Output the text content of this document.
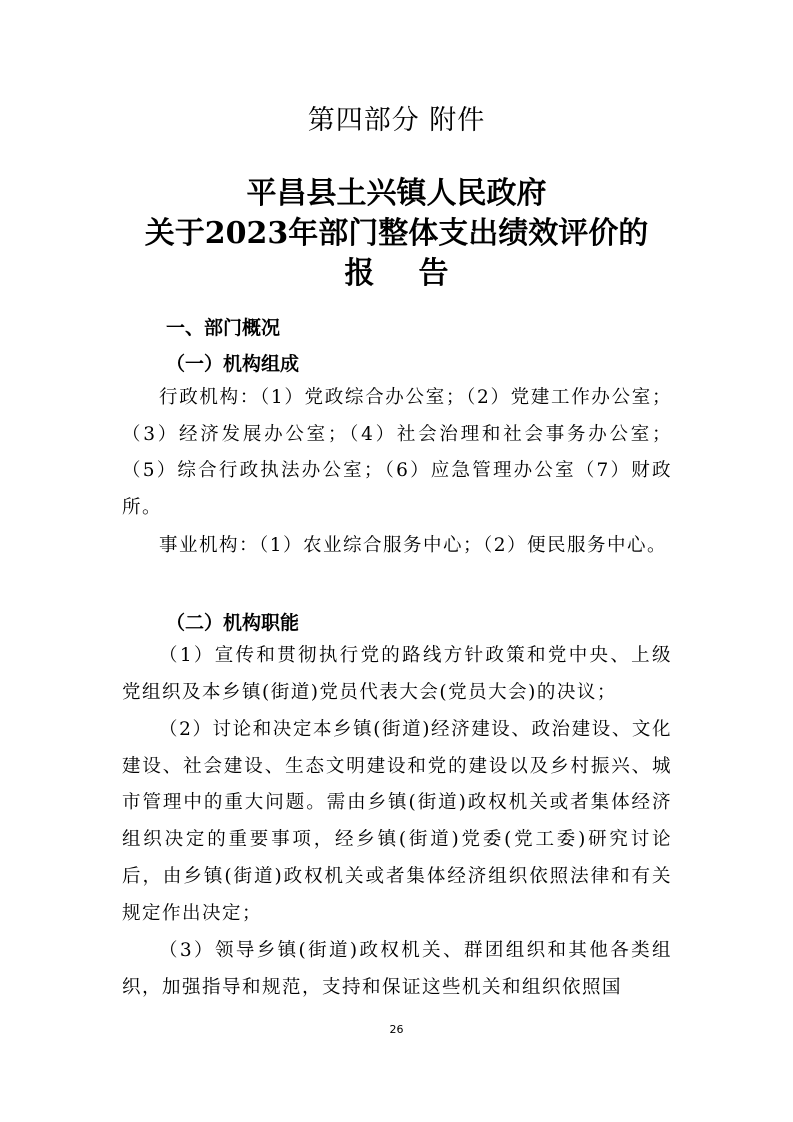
第四部分 附件
平昌县土兴镇人民政府
关于2023年部门整体支出绩效评价的
报告
一、部门概况
（一）机构组成
行政机构：（1）党政综合办公室；（2）党建工作办公室；（3）经济发展办公室；（4）社会治理和社会事务办公室；（5）综合行政执法办公室；（6）应急管理办公室（7）财政所。
事业机构：（1）农业综合服务中心；（2）便民服务中心。
（二）机构职能
（1）宣传和贯彻执行党的路线方针政策和党中央、上级党组织及本乡镇(街道)党员代表大会(党员大会)的决议；
（2）讨论和决定本乡镇(街道)经济建设、政治建设、文化建设、社会建设、生态文明建设和党的建设以及乡村振兴、城市管理中的重大问题。需由乡镇(街道)政权机关或者集体经济组织决定的重要事项，经乡镇(街道)党委(党工委)研究讨论后，由乡镇(街道)政权机关或者集体经济组织依照法律和有关规定作出决定；
（3）领导乡镇(街道)政权机关、群团组织和其他各类组织，加强指导和规范，支持和保证这些机关和组织依照国
26
